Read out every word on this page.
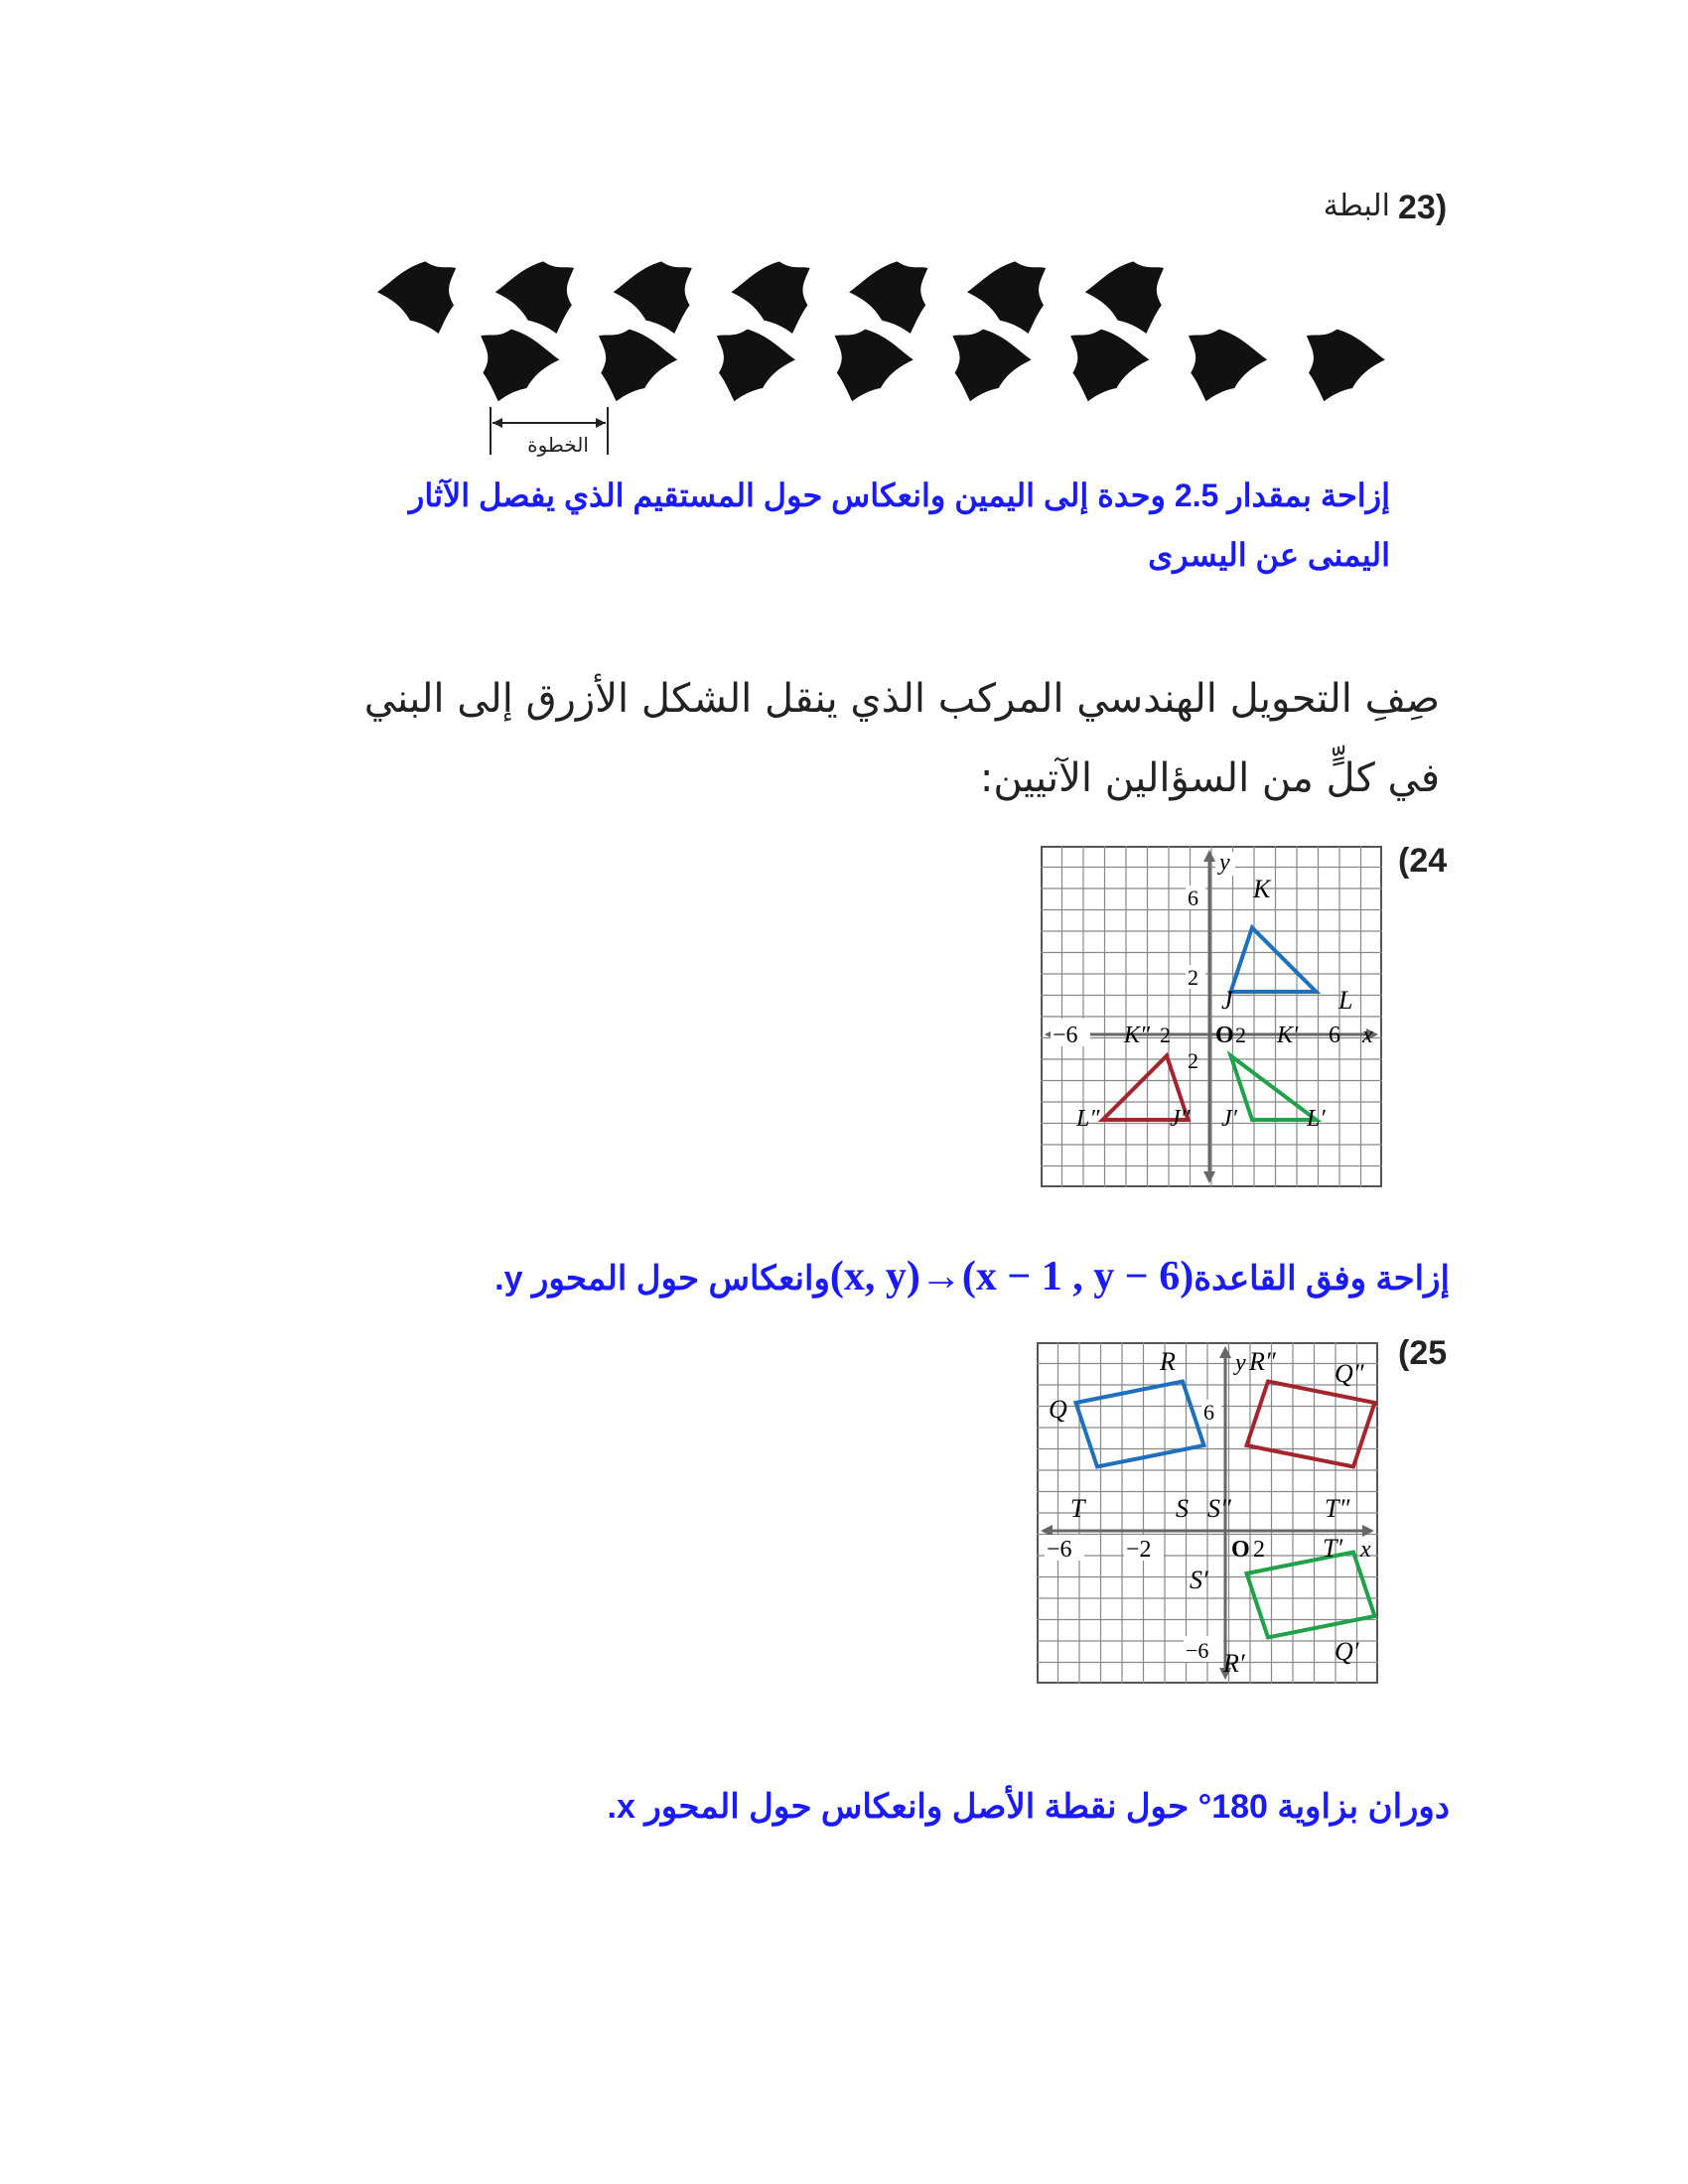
23)
البطة
الخطوة
إزاحة بمقدار 2.5 وحدة إلى اليمين وانعكاس حول المستقيم الذي يفصل الآثار
اليمنى عن اليسرى
صِفِ التحويل الهندسي المركب الذي ينقل الشكل الأزرق إلى البني
في كلٍّ من السؤالين الآتيين:
(24
−6	6
2
2
6
2
2
x
y
O
K
J	L
K′
J′	L′
K″
J″
L″
إزاحة وفق القاعدة(x, y)→(x − 1 , y − 6)وانعكاس حول المحور y.
(25
−6 −2	2
6
−6
x
y
O
Q
R
S
T
R″ Q″
T″
S″
S′
T′
Q′
R′
دوران بزاوية 180° حول نقطة الأصل وانعكاس حول المحور x.
